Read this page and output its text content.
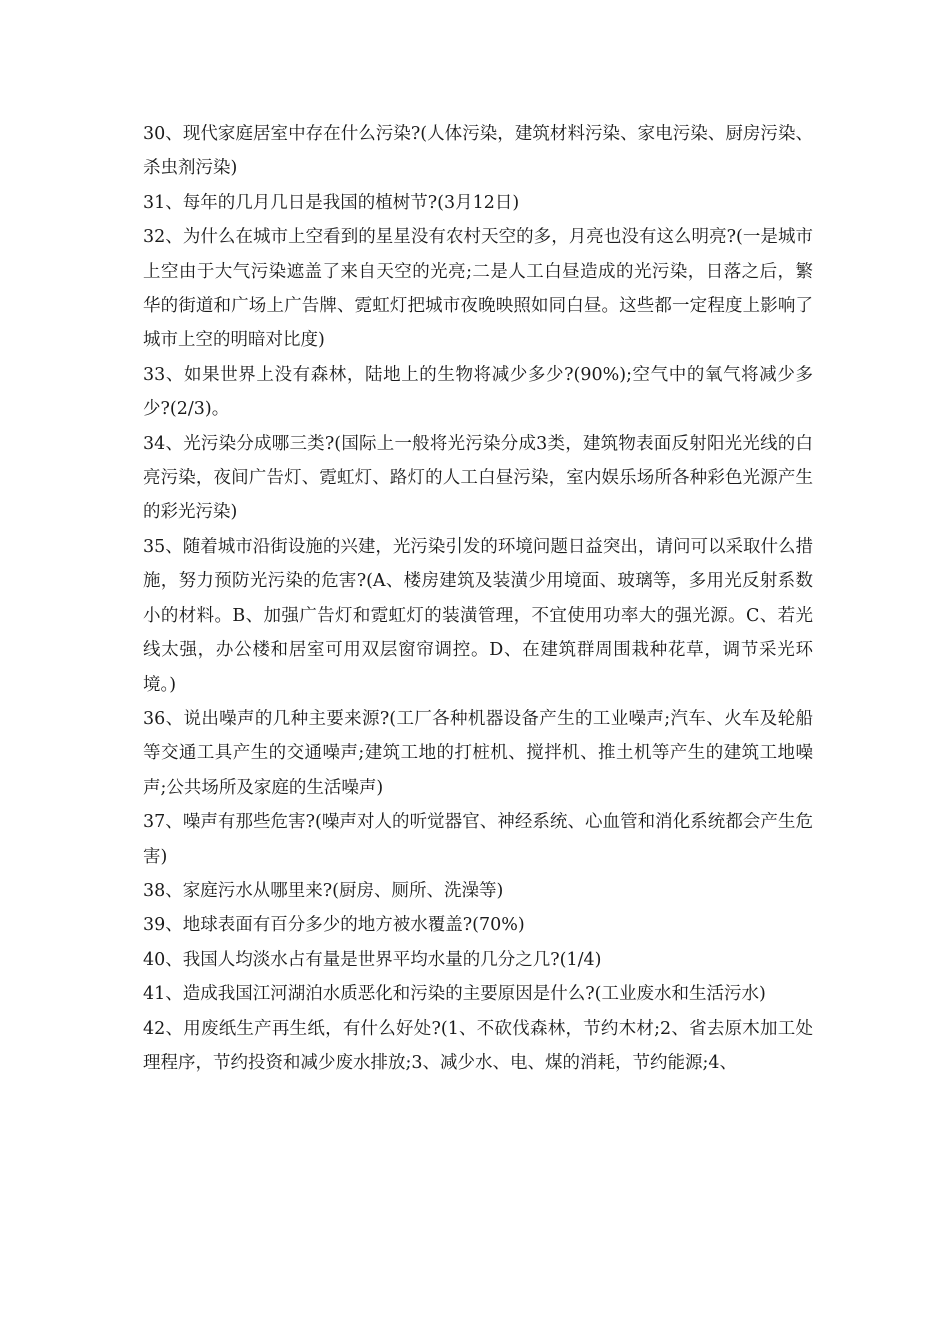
30、现代家庭居室中存在什么污染?(人体污染，建筑材料污染、家电污染、厨房污染、杀虫剂污染)

31、每年的几月几日是我国的植树节?(3月12日)

32、为什么在城市上空看到的星星没有农村天空的多，月亮也没有这么明亮?(一是城市上空由于大气污染遮盖了来自天空的光亮;二是人工白昼造成的光污染，日落之后，繁华的街道和广场上广告牌、霓虹灯把城市夜晚映照如同白昼。这些都一定程度上影响了城市上空的明暗对比度)

33、如果世界上没有森林，陆地上的生物将减少多少?(90%);空气中的氧气将减少多少?(2/3)。

34、光污染分成哪三类?(国际上一般将光污染分成3类，建筑物表面反射阳光光线的白亮污染，夜间广告灯、霓虹灯、路灯的人工白昼污染，室内娱乐场所各种彩色光源产生的彩光污染)

35、随着城市沿街设施的兴建，光污染引发的环境问题日益突出，请问可以采取什么措施，努力预防光污染的危害?(A、楼房建筑及装潢少用境面、玻璃等，多用光反射系数小的材料。B、加强广告灯和霓虹灯的装潢管理，不宜使用功率大的强光源。C、若光线太强，办公楼和居室可用双层窗帘调控。D、在建筑群周围栽种花草，调节采光环境。)

36、说出噪声的几种主要来源?(工厂各种机器设备产生的工业噪声;汽车、火车及轮船等交通工具产生的交通噪声;建筑工地的打桩机、搅拌机、推土机等产生的建筑工地噪声;公共场所及家庭的生活噪声)

37、噪声有那些危害?(噪声对人的听觉器官、神经系统、心血管和消化系统都会产生危害)

38、家庭污水从哪里来?(厨房、厕所、洗澡等)

39、地球表面有百分多少的地方被水覆盖?(70%)

40、我国人均淡水占有量是世界平均水量的几分之几?(1/4)

41、造成我国江河湖泊水质恶化和污染的主要原因是什么?(工业废水和生活污水)

42、用废纸生产再生纸，有什么好处?(1、不砍伐森林，节约木材;2、省去原木加工处理程序，节约投资和减少废水排放;3、减少水、电、煤的消耗，节约能源;4、
